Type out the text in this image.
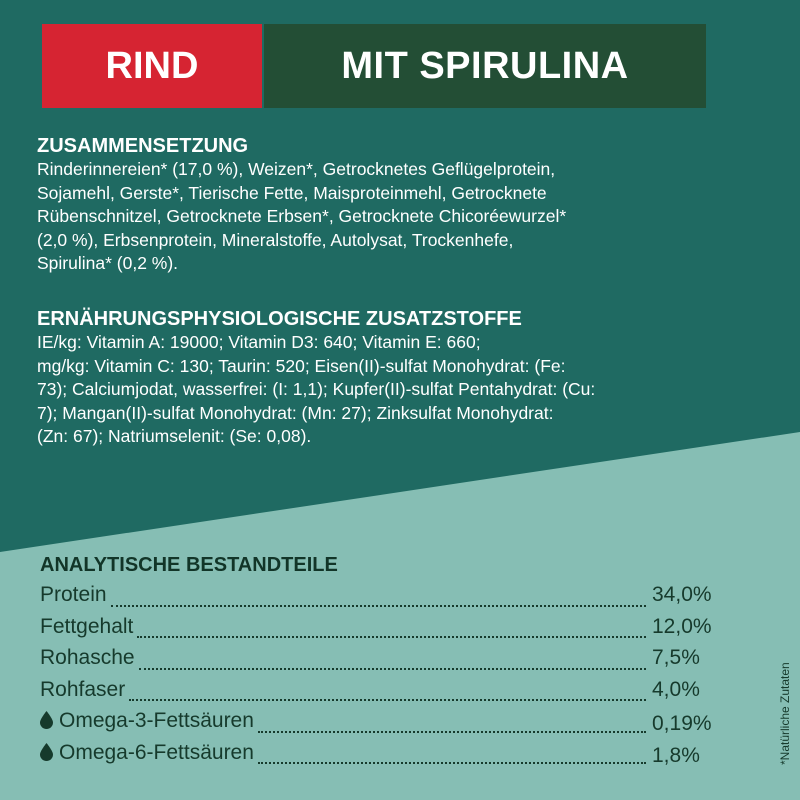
RIND	MIT SPIRULINA
ZUSAMMENSETZUNG

Rinderinnereien* (17,0 %), Weizen*, Getrocknetes Geflügelprotein,
Sojamehl, Gerste*, Tierische Fette, Maisproteinmehl, Getrocknete
Rübenschnitzel, Getrocknete Erbsen*, Getrocknete Chicoréewurzel*
(2,0 %), Erbsenprotein, Mineralstoffe, Autolysat, Trockenhefe,
Spirulina* (0,2 %).

ERNÄHRUNGSPHYSIOLOGISCHE ZUSATZSTOFFE

IE/kg: Vitamin A: 19000; Vitamin D3: 640; Vitamin E: 660;
mg/kg: Vitamin C: 130; Taurin: 520; Eisen(II)-sulfat Monohydrat: (Fe:
73); Calciumjodat, wasserfrei: (I: 1,1); Kupfer(II)-sulfat Pentahydrat: (Cu:
7); Mangan(II)-sulfat Monohydrat: (Mn: 27); Zinksulfat Monohydrat:
(Zn: 67); Natriumselenit: (Se: 0,08).

ANALYTISCHE BESTANDTEILE
Protein	34,0%
Fettgehalt	12,0%
Rohasche	7,5%
Rohfaser	4,0%
Omega-3-Fettsäuren	0,19%
Omega-6-Fettsäuren	1,8%	*Natürliche Zutaten
